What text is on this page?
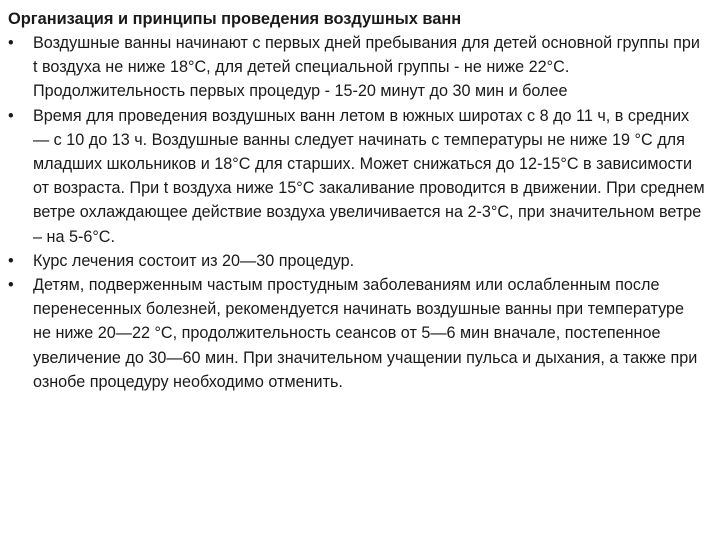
Организация и принципы проведения воздушных ванн
•	Воздушные ванны начинают с первых дней пребывания для детей основной группы при t воздуха не ниже 18°С, для детей специальной группы - не ниже 22°С. Продолжительность первых процедур - 15-20 минут до 30 мин и более
•	Время для проведения воздушных ванн летом в южных широтах с 8 до 11 ч, в средних — с 10 до 13 ч. Воздушные ванны следует начинать с температуры не ниже 19 °С для младших школьников и 18°С для старших. Может снижаться до 12-15°С в зависимости от возраста. При t воздуха ниже 15°С закаливание проводится в движении. При среднем ветре охлаждающее действие воздуха увеличивается на 2-3°С, при значительном ветре – на 5-6°С.
•	Курс лечения состоит из 20—30 процедур.
•	Детям, подверженным частым простудным заболеваниям или ослабленным после перенесенных болезней, рекомендуется начинать воздушные ванны при температуре не ниже 20—22 °С, продолжительность сеансов от 5—6 мин вначале, постепенное увеличение до 30—60 мин. При значительном учащении пульса и дыхания, а также при ознобе процедуру необходимо отменить.
